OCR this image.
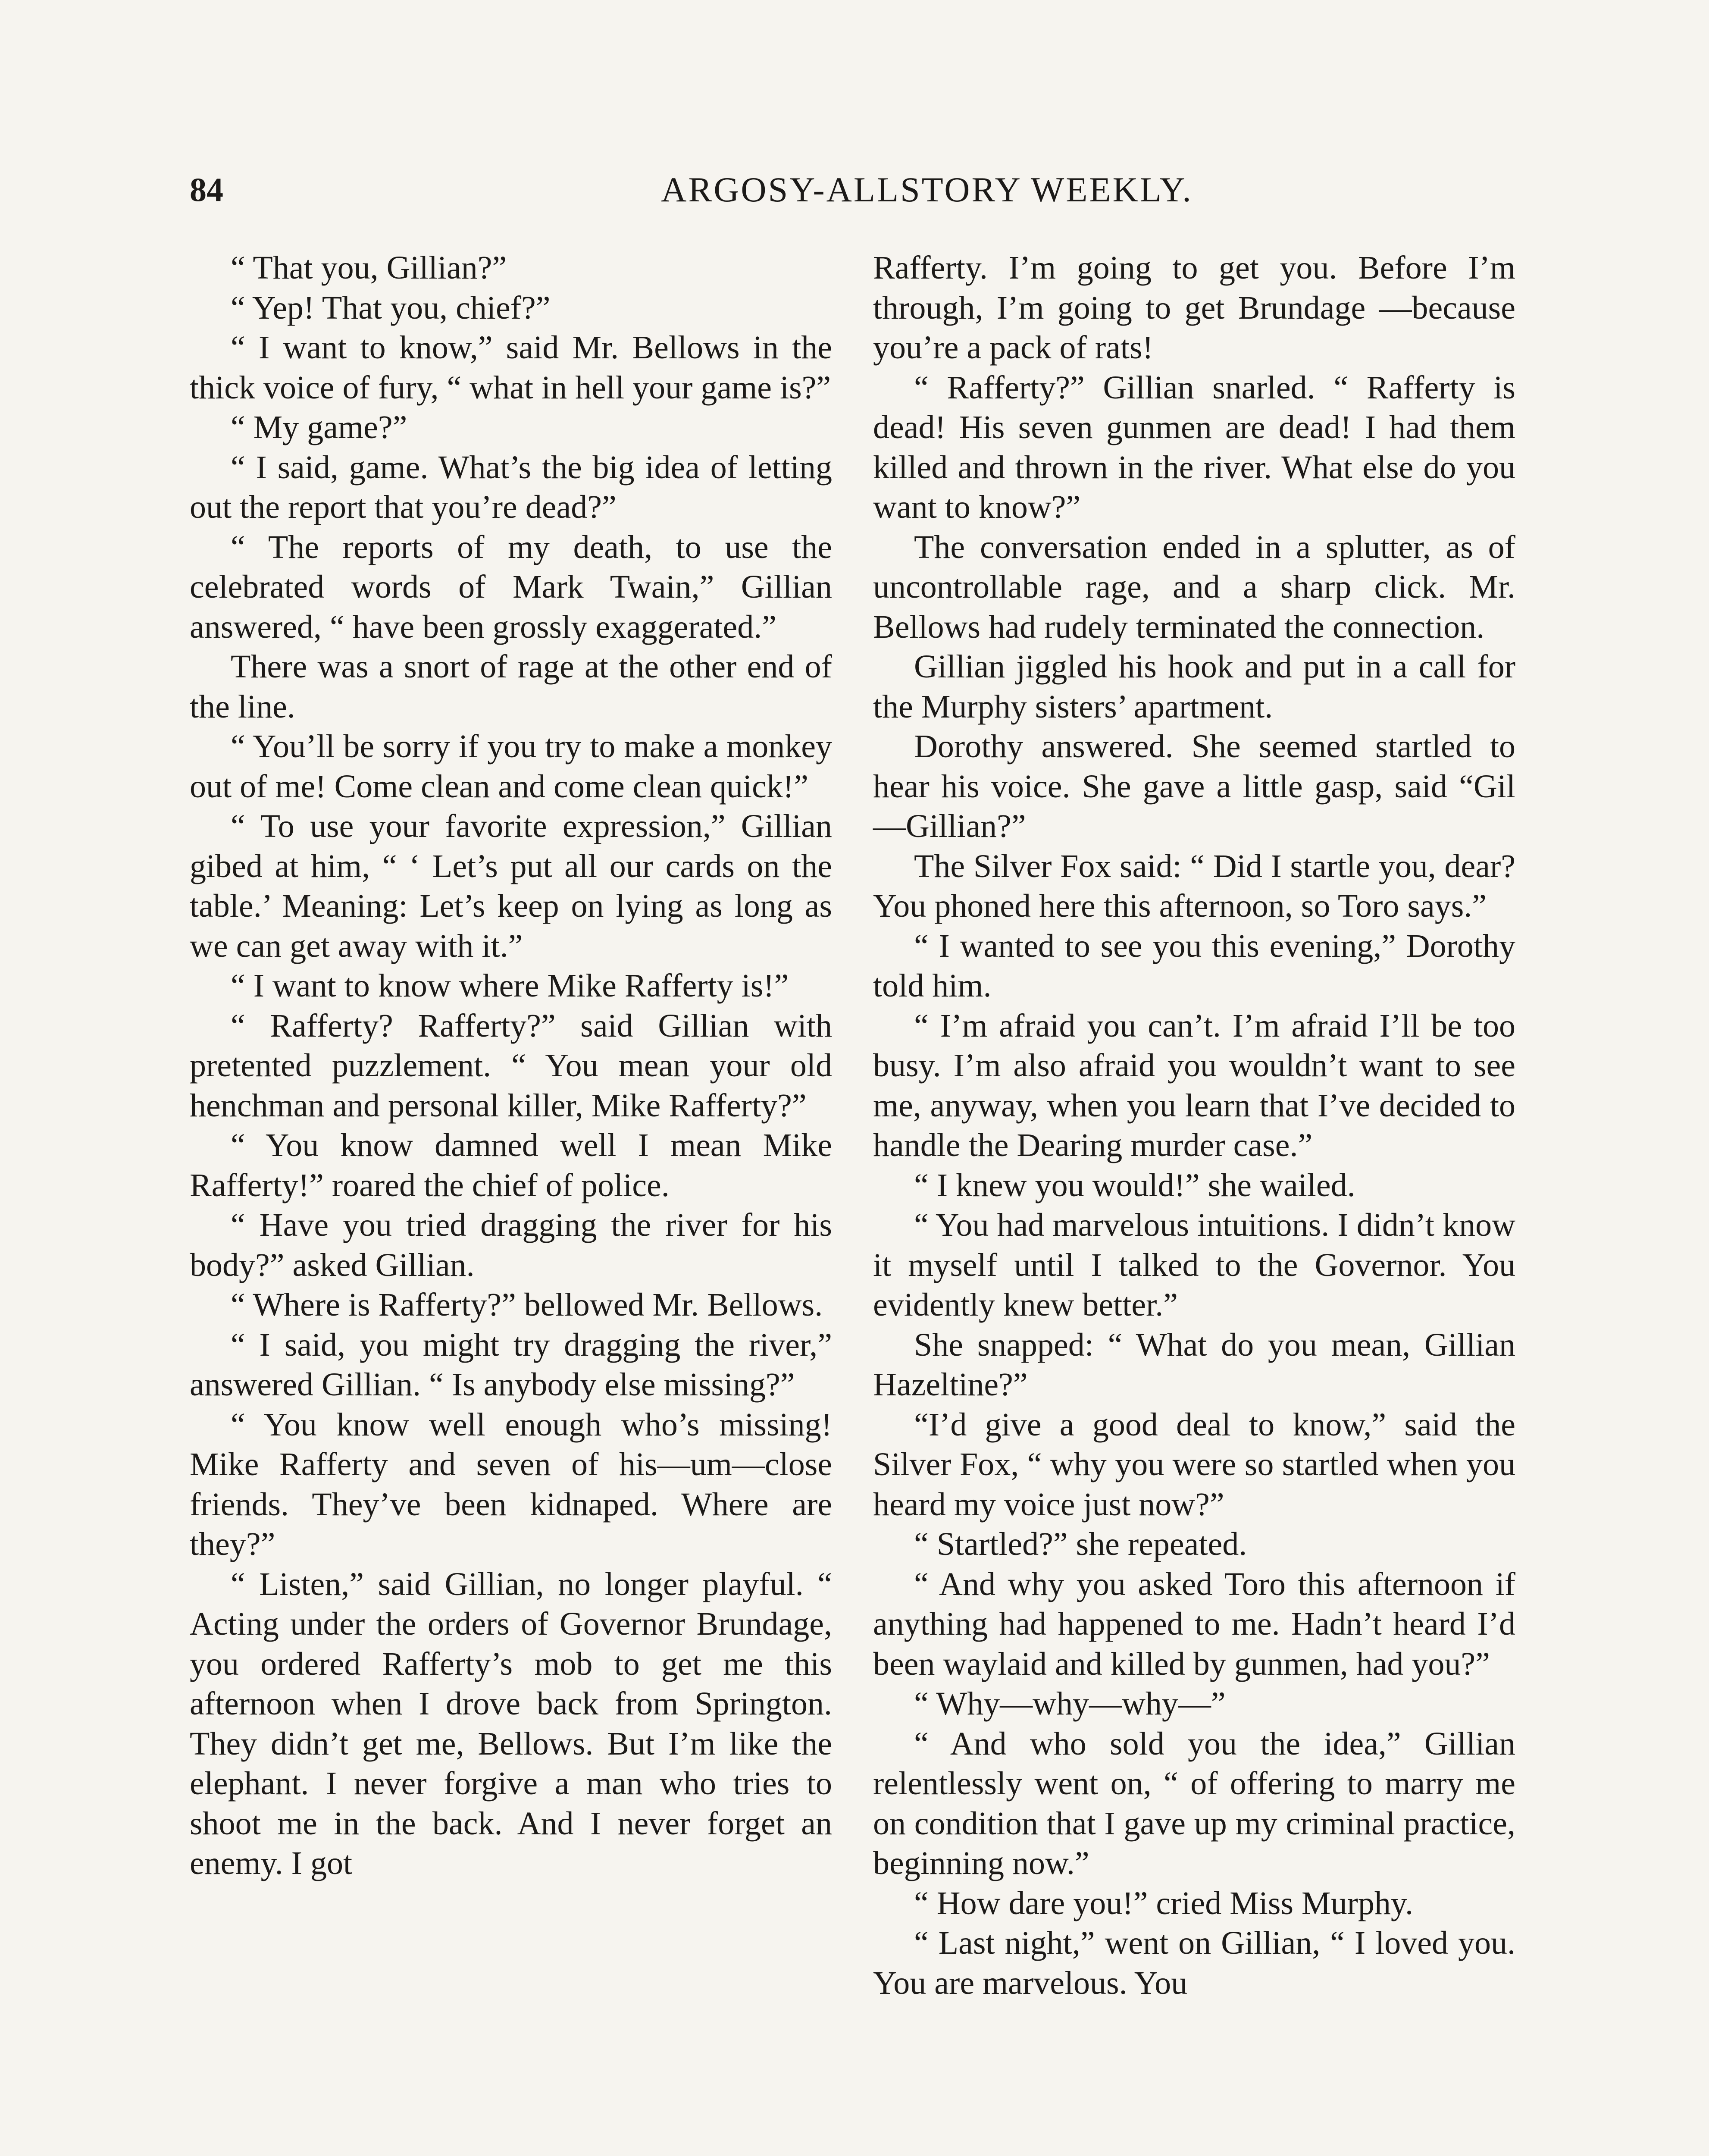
84	ARGOSY-ALLSTORY WEEKLY.

“ That you, Gillian?”

“ Yep! That you, chief?”

“ I want to know,” said Mr. Bellows in the thick voice of fury, “ what in hell your game is?”

“ My game?”

“ I said, game. What’s the big idea of letting out the report that you’re dead?”

“ The reports of my death, to use the celebrated words of Mark Twain,” Gillian answered, “ have been grossly exaggerated.”

There was a snort of rage at the other end of the line.

“ You’ll be sorry if you try to make a monkey out of me! Come clean and come clean quick!”

“ To use your favorite expression,” Gillian gibed at him, “ ‘ Let’s put all our cards on the table.’ Meaning: Let’s keep on lying as long as we can get away with it.”

“ I want to know where Mike Rafferty is!”

“ Rafferty? Rafferty?” said Gillian with pretented puzzlement. “ You mean your old henchman and personal killer, Mike Rafferty?”

“ You know damned well I mean Mike Rafferty!” roared the chief of police.

“ Have you tried dragging the river for his body?” asked Gillian.

“ Where is Rafferty?” bellowed Mr. Bellows.

“ I said, you might try dragging the river,” answered Gillian. “ Is anybody else missing?”

“ You know well enough who’s missing! Mike Rafferty and seven of his—um—close friends. They’ve been kidnaped. Where are they?”

“ Listen,” said Gillian, no longer playful. “ Acting under the orders of Governor Brundage, you ordered Rafferty’s mob to get me this afternoon when I drove back from Springton. They didn’t get me, Bellows. But I’m like the elephant. I never forgive a man who tries to shoot me in the back. And I never forget an enemy. I got

Rafferty. I’m going to get you. Before I’m through, I’m going to get Brundage —because you’re a pack of rats!

“ Rafferty?” Gillian snarled. “ Rafferty is dead! His seven gunmen are dead! I had them killed and thrown in the river. What else do you want to know?”

The conversation ended in a splutter, as of uncontrollable rage, and a sharp click. Mr. Bellows had rudely terminated the connection.

Gillian jiggled his hook and put in a call for the Murphy sisters’ apartment.

Dorothy answered. She seemed startled to hear his voice. She gave a little gasp, said “Gil—Gillian?”

The Silver Fox said: “ Did I startle you, dear? You phoned here this afternoon, so Toro says.”

“ I wanted to see you this evening,” Dorothy told him.

“ I’m afraid you can’t. I’m afraid I’ll be too busy. I’m also afraid you wouldn’t want to see me, anyway, when you learn that I’ve decided to handle the Dearing murder case.”

“ I knew you would!” she wailed.

“ You had marvelous intuitions. I didn’t know it myself until I talked to the Governor. You evidently knew better.”

She snapped: “ What do you mean, Gillian Hazeltine?”

“I’d give a good deal to know,” said the Silver Fox, “ why you were so startled when you heard my voice just now?”

“ Startled?” she repeated.

“ And why you asked Toro this afternoon if anything had happened to me. Hadn’t heard I’d been waylaid and killed by gunmen, had you?”

“ Why—why—why—”

“ And who sold you the idea,” Gillian relentlessly went on, “ of offering to marry me on condition that I gave up my criminal practice, beginning now.”

“ How dare you!” cried Miss Murphy.

“ Last night,” went on Gillian, “ I loved you. You are marvelous. You
